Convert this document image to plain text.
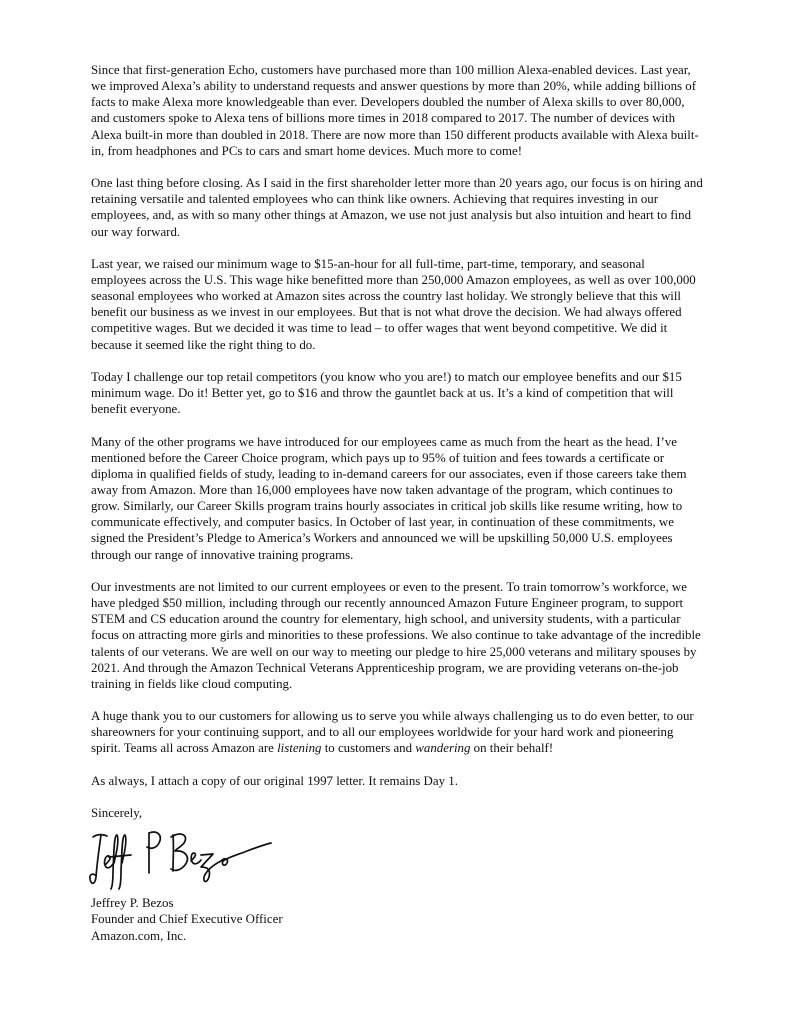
Since that first-generation Echo, customers have purchased more than 100 million Alexa-enabled devices. Last year, we improved Alexa’s ability to understand requests and answer questions by more than 20%, while adding billions of facts to make Alexa more knowledgeable than ever. Developers doubled the number of Alexa skills to over 80,000, and customers spoke to Alexa tens of billions more times in 2018 compared to 2017. The number of devices with Alexa built-in more than doubled in 2018. There are now more than 150 different products available with Alexa built-in, from headphones and PCs to cars and smart home devices. Much more to come!

One last thing before closing. As I said in the first shareholder letter more than 20 years ago, our focus is on hiring and retaining versatile and talented employees who can think like owners. Achieving that requires investing in our employees, and, as with so many other things at Amazon, we use not just analysis but also intuition and heart to find our way forward.

Last year, we raised our minimum wage to $15-an-hour for all full-time, part-time, temporary, and seasonal employees across the U.S. This wage hike benefitted more than 250,000 Amazon employees, as well as over 100,000 seasonal employees who worked at Amazon sites across the country last holiday. We strongly believe that this will benefit our business as we invest in our employees. But that is not what drove the decision. We had always offered competitive wages. But we decided it was time to lead – to offer wages that went beyond competitive. We did it because it seemed like the right thing to do.

Today I challenge our top retail competitors (you know who you are!) to match our employee benefits and our $15 minimum wage. Do it! Better yet, go to $16 and throw the gauntlet back at us. It’s a kind of competition that will benefit everyone.

Many of the other programs we have introduced for our employees came as much from the heart as the head. I’ve mentioned before the Career Choice program, which pays up to 95% of tuition and fees towards a certificate or diploma in qualified fields of study, leading to in-demand careers for our associates, even if those careers take them away from Amazon. More than 16,000 employees have now taken advantage of the program, which continues to grow. Similarly, our Career Skills program trains hourly associates in critical job skills like resume writing, how to communicate effectively, and computer basics. In October of last year, in continuation of these commitments, we signed the President’s Pledge to America’s Workers and announced we will be upskilling 50,000 U.S. employees through our range of innovative training programs.

Our investments are not limited to our current employees or even to the present. To train tomorrow’s workforce, we have pledged $50 million, including through our recently announced Amazon Future Engineer program, to support STEM and CS education around the country for elementary, high school, and university students, with a particular focus on attracting more girls and minorities to these professions. We also continue to take advantage of the incredible talents of our veterans. We are well on our way to meeting our pledge to hire 25,000 veterans and military spouses by 2021. And through the Amazon Technical Veterans Apprenticeship program, we are providing veterans on-the-job training in fields like cloud computing.

A huge thank you to our customers for allowing us to serve you while always challenging us to do even better, to our shareowners for your continuing support, and to all our employees worldwide for your hard work and pioneering spirit. Teams all across Amazon are listening to customers and wandering on their behalf!

As always, I attach a copy of our original 1997 letter. It remains Day 1.

Sincerely,

Jeffrey P. Bezos
Founder and Chief Executive Officer
Amazon.com, Inc.
